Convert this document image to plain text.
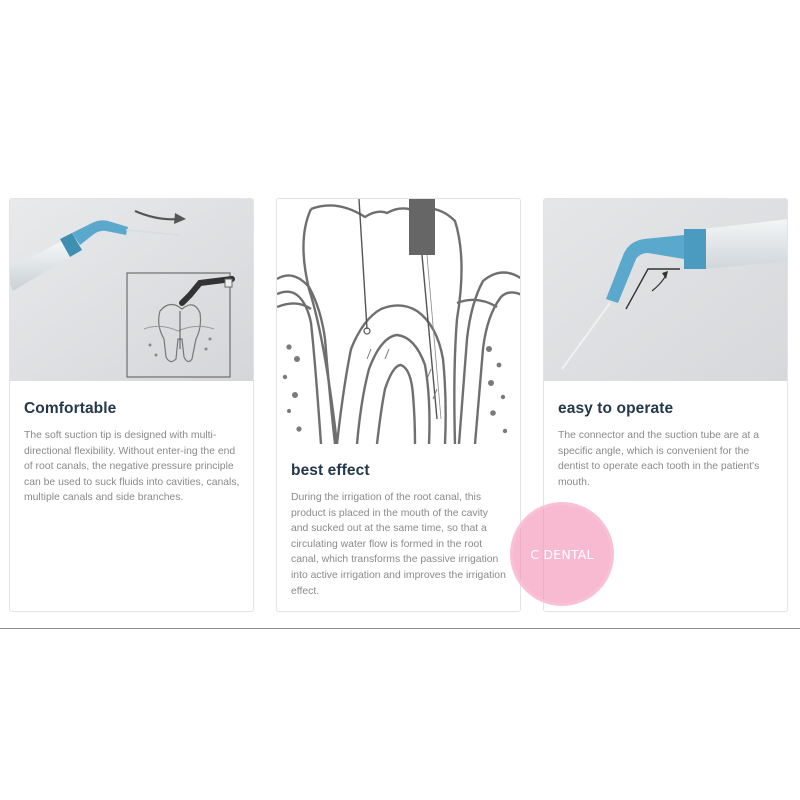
Comfortable

The soft suction tip is designed with multi-directional flexibility. Without enter-ing the end of root canals, the negative pressure principle can be used to suck fluids into cavities, canals, multiple canals and side branches.

best effect

During the irrigation of the root canal, this product is placed in the mouth of the cavity and sucked out at the same time, so that a circulating water flow is formed in the root canal, which transforms the passive irrigation into active irrigation and improves the irrigation effect.

easy to operate

The connector and the suction tube are at a specific angle, which is convenient for the dentist to operate each tooth in the patient's mouth.

C DENTAL
